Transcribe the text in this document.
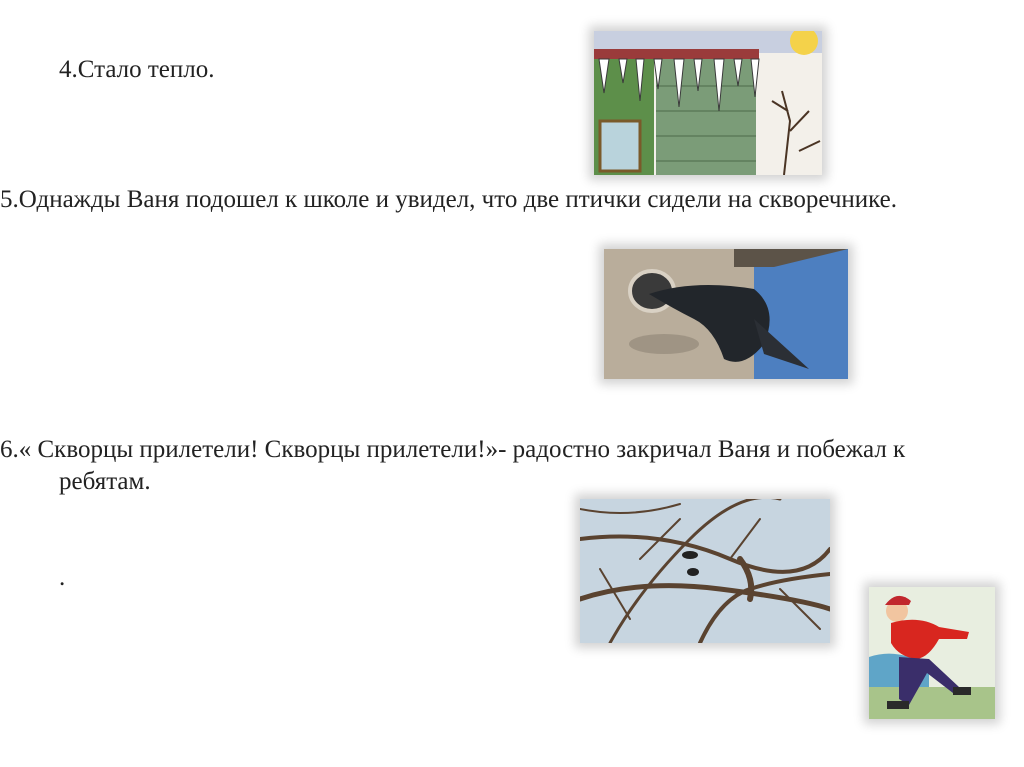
4.Стало тепло.

5.Однажды Ваня подошел к школе и увидел, что две птички сидели на скворечнике.

6.« Скворцы прилетели! Скворцы прилетели!»- радостно закричал Ваня и побежал к ребятам.

.
